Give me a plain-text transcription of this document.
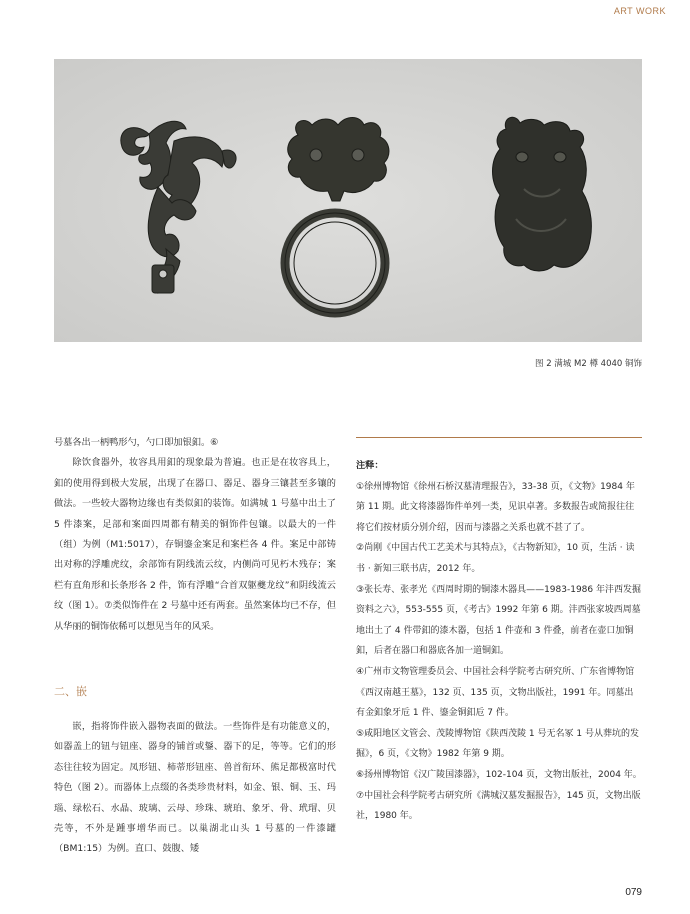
ART WORK
图 2 满城 M2 樽 4040 铜饰

号墓各出一柄鸭形勺，勺口即加银釦。⑥

除饮食器外，妆容具用釦的现象最为普遍。也正是在妆容具上，釦的使用得到极大发展，出现了在器口、器足、器身三镶甚至多镶的做法。一些较大器物边缘也有类似釦的装饰。如满城 1 号墓中出土了 5 件漆案，足部和案面四周都有精美的铜饰件包镶。以最大的一件（组）为例（M1:5017），存铜鎏金案足和案栏各 4 件。案足中部铸出对称的浮雕虎纹，余部饰有阴线流云纹，内侧尚可见朽木残存；案栏有直角形和长条形各 2 件，饰有浮雕“合首双躯夔龙纹”和阴线流云纹（图 1）。⑦类似饰件在 2 号墓中还有两套。虽然案体均已不存，但从华丽的铜饰依稀可以想见当年的风采。

二、嵌

嵌，指将饰件嵌入器物表面的做法。一些饰件是有功能意义的，如器盖上的钮与钮座、器身的铺首或鋬、器下的足，等等。它们的形态往往较为固定。凤形钮、柿蒂形钮座、兽首衔环、熊足都极富时代特色（图 2）。而器体上点缀的各类珍贵材料，如金、银、铜、玉、玛瑙、绿松石、水晶、玻璃、云母、珍珠、琥珀、象牙、骨、玳瑁、贝壳等，不外是踵事增华而已。以巢湖北山头 1 号墓的一件漆罐（BM1:15）为例。直口、鼓腹、矮

注释：

①徐州博物馆《徐州石桥汉墓清理报告》，33-38 页，《文物》1984 年第 11 期。此文将漆器饰件单列一类，见识卓著。多数报告或简报往往将它们按材质分别介绍，因而与漆器之关系也就不甚了了。

②尚刚《中国古代工艺美术与其特点》，《古物新知》，10 页，生活 · 读书 · 新知三联书店，2012 年。

③张长寿、张孝光《西周时期的铜漆木器具——1983-1986 年沣西发掘资料之六》，553-555 页，《考古》1992 年第 6 期。沣西张家坡西周墓地出土了 4 件带釦的漆木器，包括 1 件壶和 3 件叠，前者在壶口加铜釦，后者在器口和器底各加一道铜釦。

④广州市文物管理委员会、中国社会科学院考古研究所、广东省博物馆《西汉南越王墓》，132 页、135 页，文物出版社，1991 年。同墓出有金釦象牙卮 1 件、鎏金铜釦卮 7 件。

⑤咸阳地区文管会、茂陵博物馆《陕西茂陵 1 号无名冢 1 号从葬坑的发掘》，6 页，《文物》1982 年第 9 期。

⑥扬州博物馆《汉广陵国漆器》，102-104 页，文物出版社，2004 年。

⑦中国社会科学院考古研究所《满城汉墓发掘报告》，145 页，文物出版社，1980 年。

079
